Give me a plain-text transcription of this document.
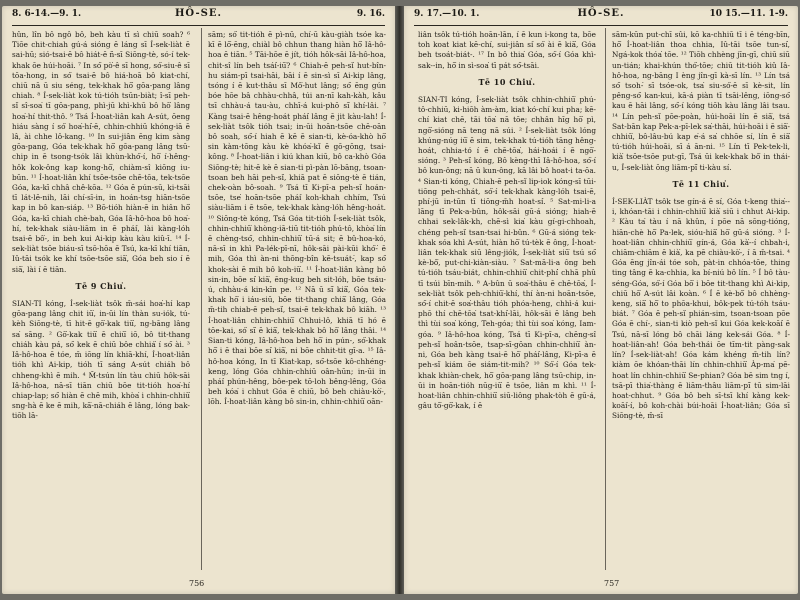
8. 6-14.—9. 1.	HÔ-SE.	9. 16.

hûn, lîn bô ngô bô, beh kàu tī sì chiū soah? ⁶ Tiōe chit-chiah gú-á sióng ē láng sī Í-sek-liàt ē sai-hū; sió-tsai-ē bô hiát-ē ñ-sī Siōng-tè, só-í tek-khak ōe húi-hoāi. ⁷ In só͘ pò͘-ê sī hong, só͘-siu-ê sī tōa-hong, in só͘ tsai-ē bô hiá-hoā bô kiat-chí, chiū nā ū siu séng, tek-khak hō͘ gōa-pang lâng chiah. ⁸ Í-sek-liàt kok tú-tióh tsūn-biàt; î-sī peh-sì͘ sî-soa͘ tī gōa-pang, phì-jū khì-khū bô hō͘ lâng hoa͘-hí thit-thô. ⁹ Tsá Í-hoat-liân kah A-sút, ōeng hiáu sàng í só͘ hoa͘-hí͘-ē, chhin-chhiū khóng-iā ē lâ, ài chhe lô-kang. ¹⁰ In sui-jiân ēng kim sàng gōa-pang, Góa tek-khak hō͘ gōa-pang lâng tsū-chip in ē tsong-tsók lâi khùn-khó͘-í, hō͘ í-hêng-hôk kok-ông kap kong-hō͘, chiàm-sî kiōng iu-būn. ¹¹ Í-hoat-liân khí tsōe-tsōe chē-tōa, tek-tsōe Góa, ka-kī chhâ chê-kōa. ¹² Góa ē pún-sū, ki-tsāi tī lát-lē-nih, lāi chí-sī-in, in hoán-tsg hiān-tsōe kap in bô kan-siáp. ¹³ Bō-tióh hiàn-ē in hiân hō͘ Góa, ka-kī chiah chè-bah, Góa Iâ-hô-hoa bô hoa͘-hí, tek-khak siàu-liām in ē phái͘, lài kàng-lóh tsai-ē bô͘-, in beh kui Ai-kip kàu kàu kiû-ī. ¹⁴ Í-sek-liàt tsōe biáu-sī tsō-hōa ē Tsú, ka-kī khí tiān, Iû-tāi tsók ke khí tsōe-tsōe siā͘, Góa beh sio í ē siā͘, lài í ē tiān.

Tē 9 Chiu͘.

SIAN-TI kóng, Í-sek-liàt tsôk m̄-sái hoa͘-hí kap gōa-pang lâng chit iū͘, in-ūi lín thàn su-iók, tú-kèh Siōng-tè, tī hit-ē gō͘-kak tiū͘, ng-bāng lâng sa͘ sāng. ² Gō͘-kak tiū͘ ē chiū͘ iō, bô tit-thang chiáh kàu pá, só͘ kek ē chiū bôe chhiá͘ í só͘ ài. ³ Iâ-hô-hoa ē tóe, m̄ iōng lín khiā-khí, Í-hoat-liân tióh khì Ai-kip, tióh tī sáng A-sút chiáh bô chheng-khì ē mih. ⁴ M̄-tsún lín tàu chiū hôk-sāi Iâ-hô-hoa, nā-sī tiān chiū bōe tit-tióh hoa͘-hí chiap-lap; só͘ hiàn ē chē mih, khòa͘ i chhin-chhiū͘ sng-hà ē ke ē mih, kā͘-nā-chiáh ē lâng, lóng bak-tiōh lā-

sām; só͘ tit-tióh ē pì-nū, chí-ū kàu-giàh tsóe ka-kī ē lō͘-ēng, chiàl bô chhun thang hiàn hō͘ Iâ-hô-hoa ē tiān. ⁵ Tāi-hōe ē jít, tióh hôk-sāi Iâ-hô-hoa, chit-sî lín beh tsái͘-iū͘? ⁶ Chiah-ē peh-sì͘ hut-bîn-hu siám-pī tsai-hāi, bāi í ē sin-sì sī Ai-kip lâng, tsóng í ē kut-thâu sī Mô͘-hut lâng; só͘ ēng gún bóe hōe bâ chhàu-chhâ, túi an-nī kah-kàh, kâu tsī chhàu-á tau-àu, chhī-á kui-phō sī͘ khí-lâi. ⁷ Kàng tsai-ē hêng-hoát phái͘ lâng ē jit kàu-lah! Í-sek-liàt tsôk tióh tsai; in-ūi hoān-tsōe chē-oān bô soah, só͘-í hiah ē kē ē sian-ti, kè-óa-khò hō͘ sin kàm-tōng kàu kè khóa͘-kì͘ ē gō-gōng, tsai-kông. ⁸ Í-hoat-liân i kiú khan kiū, bô ca-khò Góa Siōng-tè; hit-ē kè ē sian-ti pì-pàn lō-bāng, tsoan-tsoan beh hāi peh-sì͘, khiā pat ē siōng-tè ē tián, chek-oàn bô-soah. ⁹ Tsá tī Ki-pī-a peh-sì͘ hoán-tsōe, tse͘ hoān-tsōe phái͘ koh-khah chhím, Tsú siàu-liām i ē tsōe, tek-khak kàng-lóh hêng-hoát. ¹⁰ Siōng-tè kóng, Tsá Góa tit-tióh Í-sek-liàt tsôk, chhin-chhiū͘ khòng-iā-tiū tit-tióh phú-tô, khòa͘ lín ē chèng-tsó͘, chhin-chhiū͘ tū-á sit; ē bû-hoa-kó, nā-sī in khì Pa-lék-pī-nī, hôk-sāi pài-kūi khó͘-͘ ē mih, Góa thì àn-ni thōng-bîn kē-tsuát-͘, kap só͘ khok-sài ē mih bô koh-iū͘. ¹¹ Í-hoat-liân kàng bô sin-in, bōe sí͘ kiā͘, ēng-kug beh sit-lóh, bōe tsáu-ú, chhàu-á kin-kīn pe. ¹² Nā ū sī͘ kiā͘, Góa tek-khak hō͘ i iáu-siū, bōe tit-thang chiā͘ lâng, Góa m̄-tih chiab-ē peh-sì͘, tsai-ē tek-khak bô kiāh. ¹³ Í-hoat-liân chhin-chhiū͘ Chhui-lô, khiā tī hó ē tōe-kai, só͘ sī͘ ē kiā͘, tek-khak bô hō͘ lâng thâi. ¹⁴ Sian-ti kóng, Iâ-hô-hoa beh hō͘ in pún-, só͘-khak hō͘ i ē thai bōe sí͘ kiā͘, ni bōe chhit-tit gī-a. ¹⁵ Iâ-hô-hoa kóng, In tī Kiat-kap, só͘-tsōe kô-chhéng-keng, lóng Góa chhin-chhiū oân-hūn; in-ūi in phái͘ phún-hêng, bôe-pek tō-loh bêng-lêng, Góa beh kóa͘ i chhut Góa ē chiū, bô beh chiàu-kò͘-, lōh. Í-hoat-liân kàng bô sin-in, chhin-chhiū͘ oān-

756
9. 17.—10. 1.	HÔ-SE.	10 15.—11. 1-9.

liân tsôk tú-tióh hoān-lān, í ē kun i-kong ta, bōe toh koat kiat kē-chí, sui-jiân si͘ só͘ ài ē kiā͘, Góa beh tsoát-biát-. ¹⁷ In bô thia͘ Góa, só͘-í Góa khì-sak--in, hō͘ in sì-soa͘ tī pát só͘-tsāi.

Tē 10 Chiu͘.

SIAN-TI kóng, Í-sek-liàt tsôk chhin-chhiū͘ phú-tô-chhiū, ki-hiōh àm-àm, kiat kó-chí kui pha; kē-chí kiat chē, tāi tōa͘ nā tōe; chhân hīg hō͘ pì, ngō͘-sióng nā teng nā súi. ² Í-sek-liàt tsôk lóng khúng-núg iū͘ ē sim, tek-khak tú-tióh tāng hêng-hoát, chhia-tó í ē chē-tōa͘, hái-hoái í ē ngō͘-sióng. ³ Peh-sì͘ kóng, Bô kèng-thī Iâ-hô-hoa, só͘-í bô kun-ông; nā ū kun-ông, kā lâi bô hoat-i ta-ōa. ⁴ Sian-ti kóng, Chiah-ē peh-sì͘ lip-iok kóng-sī tūi-tiōng peh-chhát, só͘-í tek-khak kàng-lóh tsai-ē, phí-jū in-tūn tī tiōng-m̄h hoat-si͘. ⁵ Sat-mi-li-a lāng tī Pek-a-bûn, hôk-sāi gū-á sióng; hiah-ē chhai sek-lâk-kh, chē-sì kia͘ kàu gí-gi-chhoah, chéng peh-sì͘ tsan-tsai hi-bûn. ⁶ Gū-á sióng tek-khak sóa khì A-sút, hiàn hō͘ tú-tèk ē ông, Í-hoat-liân tek-khak siū lêng-jiók, Í-sek-liàt siū͘ tsú só͘ kè-bô͘, put-chi-kiàn-siàu. ⁷ Sat-mā-li-a ông beh tú-tióh tsáu-biát, chhin-chhiū͘ chit-phí͘ chhā phû tī tsúi bīn-mih. ⁸ A-bûn ū soa͘-thâu ē chē-tōa͘, Í-sek-liàt tsôk peh-chhiū͘-khí, thí àn-ni hoān-tsōe, só͘-í chit-ē soa͘-thâu tióh phóa-heng, chhì-á kui-phō thí chē-tōa͘ tsat-khí͘-lāi, hôk-sāi ē lâng beh thì tùi soa͘ kóng, Teh-góa; thì tùi soa͘ kóng, Iam-góa. ⁹ Iâ-hô-hoa kóng, Tsá tī Ki-pī-a, chēng-sî peh-sì͘ hoân-tsōe, tsap-sī-gōan chhin-chhiū͘ àn-ni, Góa beh kàng tsai-ē hō͘ phái͘-lâng, Ki-pī-a ē peh-sì͘ kiám ōe siám-tit-mih? ¹⁰ Só͘-í Góa tek-khak khiàn-chek, hō͘ gōa-pang lâng tsū-chip, in-ūi in hoān-tióh nūg-iū͘ ē tsōe, liân m khì. ¹¹ Í-hoat-liân chhin-chhiū͘ siū-liông phak-tòh ē gū-á, gâu tō͘-gō͘-kak, í ē

sām-kūn put-chī sûi, kō ka-chhiū tī i ē téng-bīn, hō͘ Í-hoat-liân thoa chhia, Iû-tāi tsōe tun-sí͘, Ngá-kok thóa͘ tōe. ¹² Tiōh chhèng jīn-gī, chiū siū un-tián; khai-khún thó͘-tōe; chiū tit-tióh kiû Iâ-hô-hoa, ng-bāng I èng jîn-gī kà-sī lín. ¹³ Lín tsá só͘ tsoh-͘ sī tsóe-ok, tsa͘ siu-só͘-ē sī kè-sit, lín pêng-só͘ kan-kui, kā-á piàn tī tsāi-lêng, iōng-só͘ kau ē hāi lâng, só͘-í kóng tiōh kàu lâng lâi tsau. ¹⁴ Lín peh-sì͘ pōe-poàn, húi-hoāi lín ē siā͘, tsá Sat-bān kap Pek-a-pī-lek sa͘-thāi, húi-hoāi i ē siā͘-chhiū͘, bô-lâu-bú kap e͘-á sa͘ chhōe sí, lín ē siā͘ tú-tióh húi-hoāi, sī á ān-ni. ¹⁵ Lín tī Pek-tek-li, kià͘ tsōe-tsōe put-gī, Tsá ūi kek-khak bô͘ in thái-u, Í-sek-liàt ōng liām-pī͘ ti-kàu sí.

Tē 11 Chiu͘.

Í-SEK-LIÀT tsôk tse gín-á ē sí, Góa t-keng thia͘--i, khóan-tāi i chhin-chhiū͘ kià͘ siū i chhut Ai-kip. ² Kàu ta͘ tàu í nā khûn, í pōe nā sōng-tióng, hiān-chè hō͘ Pa-lek, sióu-hiā͘ hō͘ gū-á sióng. ³ Í-hoat-liân chhin-chhiū͘ gín-á, Góa kà͘--í chbah-i, chiām-chiām ē kià͘, ka pē chiàu-kò͘-, í ā m̄-tsai. ⁴ Góa ēng jîn-ái tóe soh, pàt-in chhóa-tōe, thing ting tâng ē ka-chhia, ka bí-niú bô lín. ⁵ Í bô tàu-séng-Góa, só͘-í Góa bō͘ i bōe tit-thang khì Ai-kip, chiū hō͘ A-sút lâi koàn. ⁶ Í ē kè-bô͘ bô chhèng-keng, siā͘ hō͘ to phōa-khui, bôk-pek tú-tóh tsáu-biát. ⁷ Góa ē peh-sì͘ phián-sim, tsoan-tsoan pōe Góa ē chí-, sian-ti kiò peh-sì͘ kui Góa kek-koāi͘ ē Tsú, nā-sī lóng bô chāi láng kek-sái Góa. ⁸ Í-hoat-liân-ah! Góa beh-thái ōe tīm-tit pàng-sak lín? Í-sek-liàt-ah! Góa kám khéng m̄-tih lín? kiàm ōe khóan-thāi lín chhin-chhiū͘ Àp-ma͘ pē-hoat lín chhin-chhiū͘ Se-phian? Góa bē sim tng í, tsā-pī thia͘-thàng ē liām-thâu liām-pī͘ tū sim-lāi hoat-chhut. ⁹ Góa bô beh sī-tsī khí kàng kek-koāi͘-í, bô koh-chài búi-hoāi Í-hoat-liân; Góa sī Siōng-tè, m̄-sī

757
